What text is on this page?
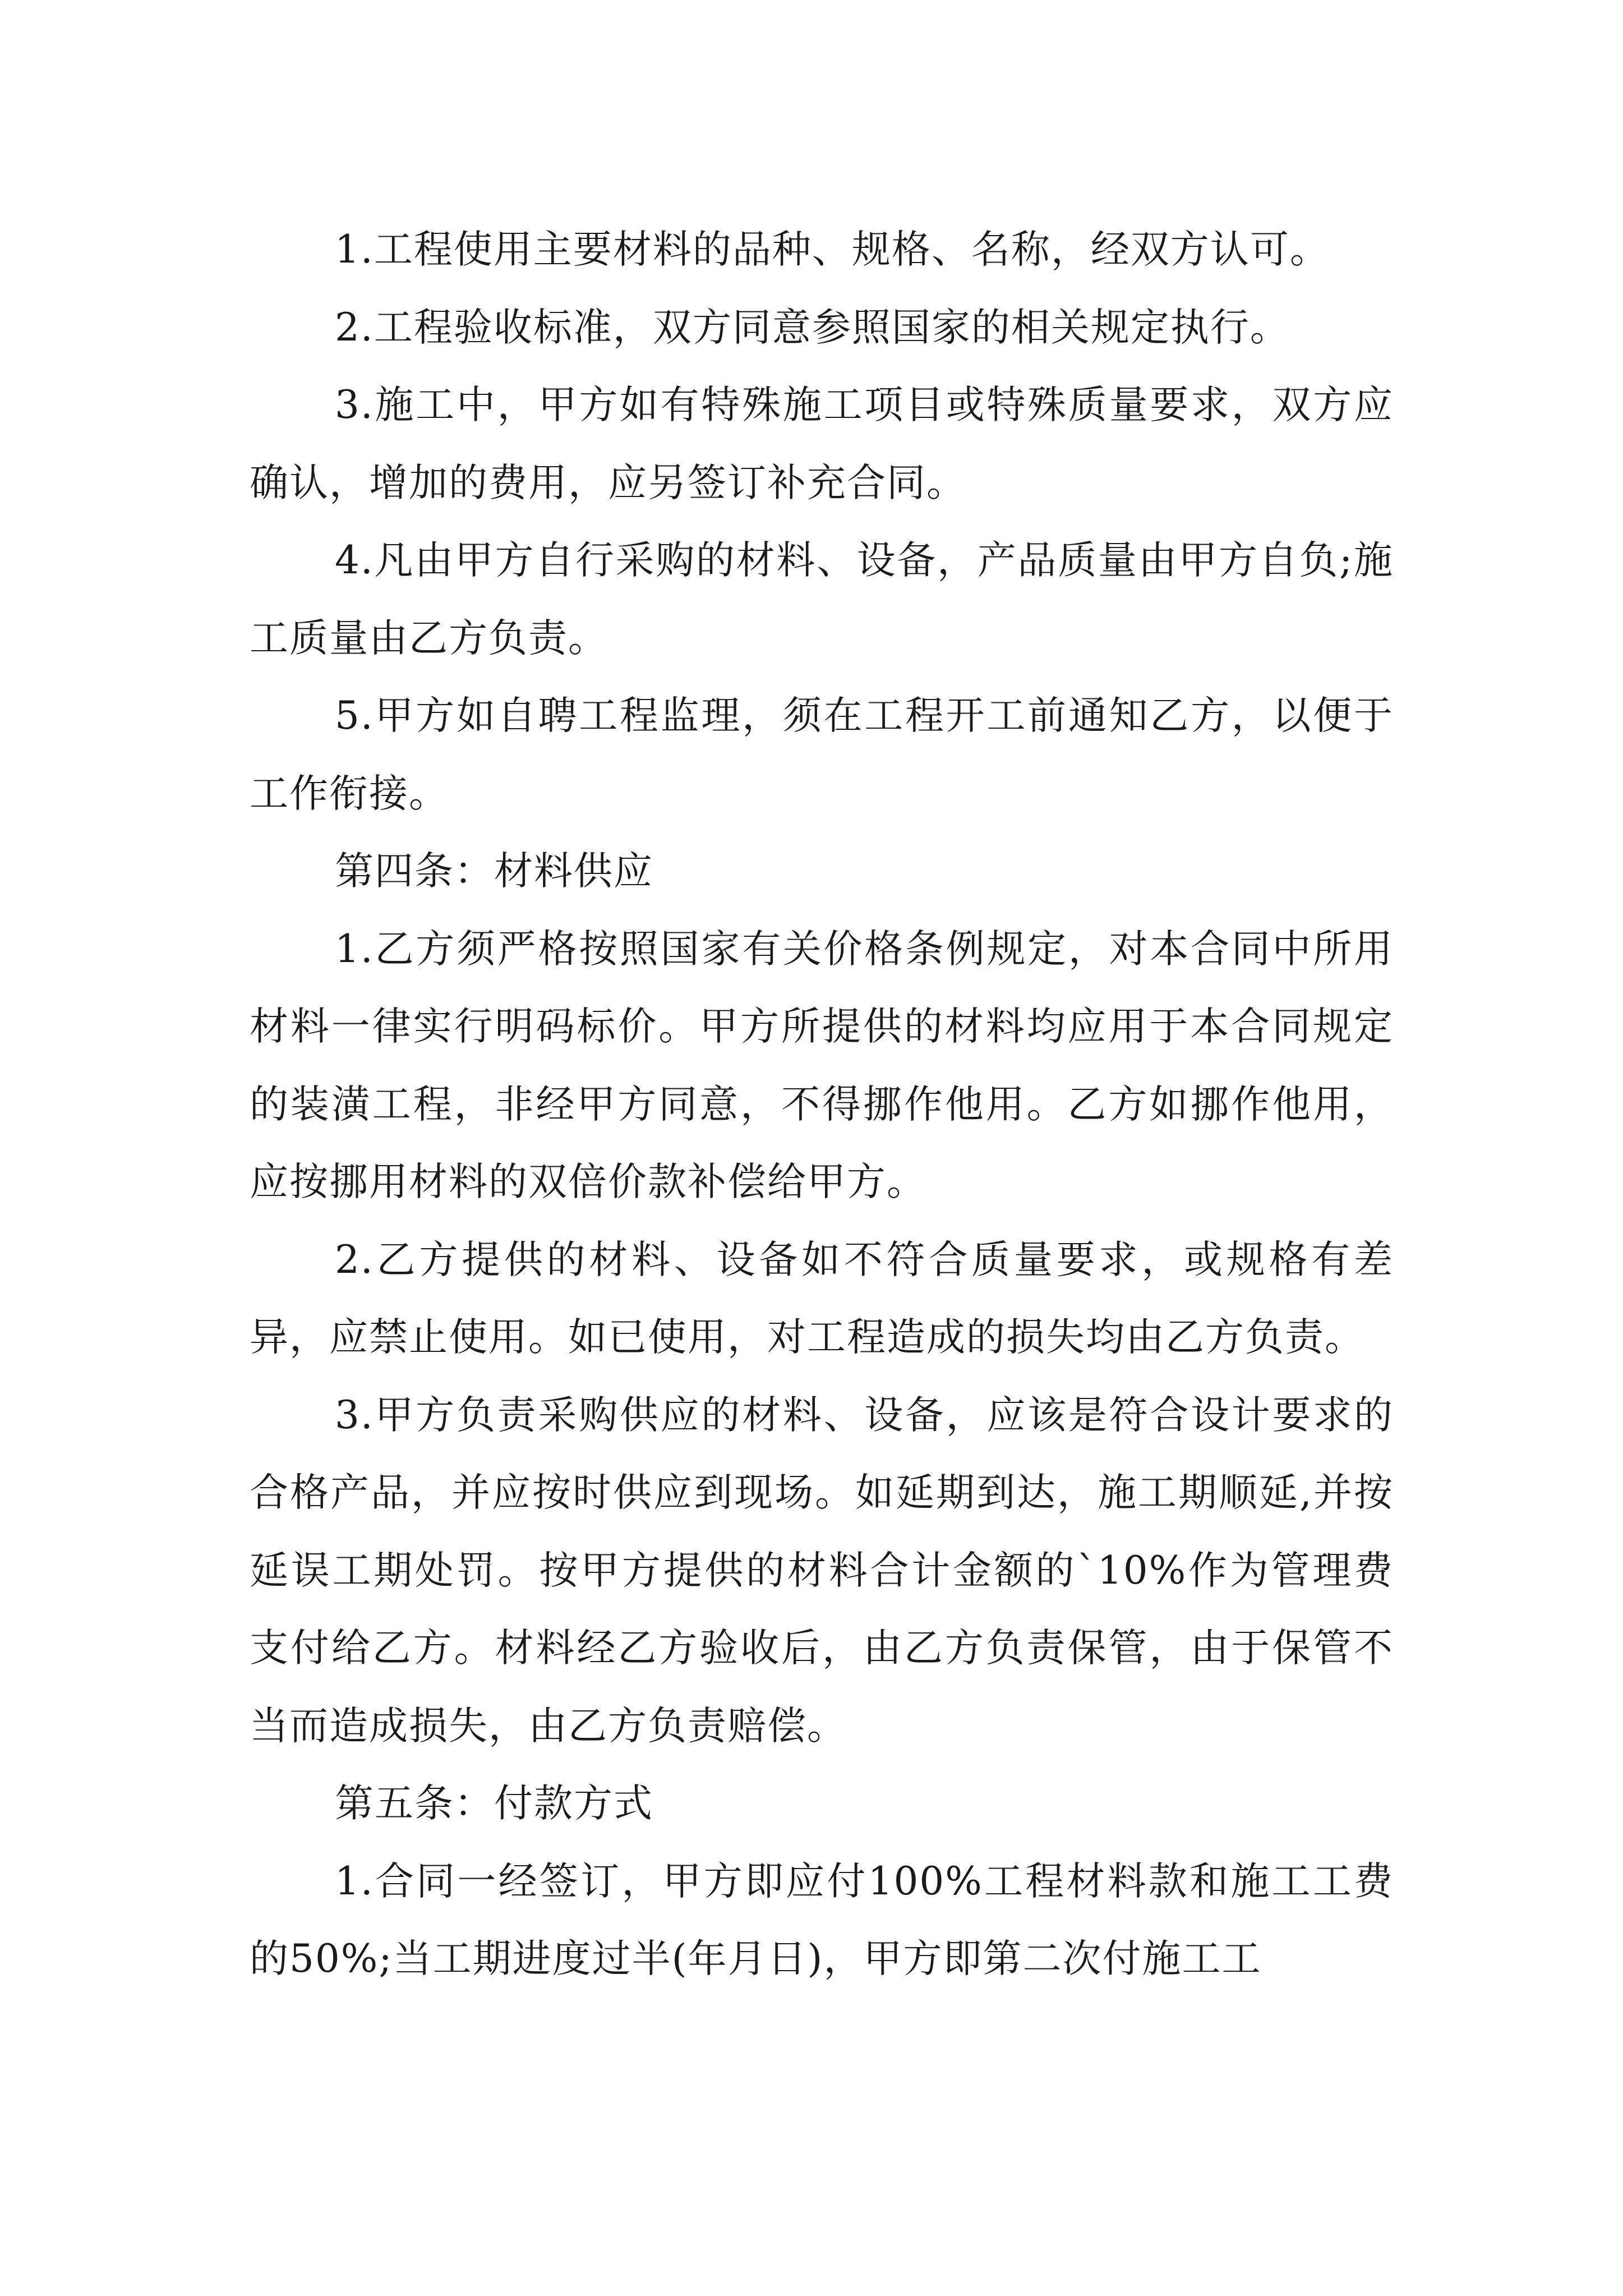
1.工程使用主要材料的品种、规格、名称，经双方认可。

2.工程验收标准，双方同意参照国家的相关规定执行。

3.施工中，甲方如有特殊施工项目或特殊质量要求，双方应确认，增加的费用，应另签订补充合同。

4.凡由甲方自行采购的材料、设备，产品质量由甲方自负;施工质量由乙方负责。

5.甲方如自聘工程监理，须在工程开工前通知乙方，以便于工作衔接。

第四条：材料供应

1.乙方须严格按照国家有关价格条例规定，对本合同中所用材料一律实行明码标价。甲方所提供的材料均应用于本合同规定的装潢工程，非经甲方同意，不得挪作他用。乙方如挪作他用，应按挪用材料的双倍价款补偿给甲方。

2.乙方提供的材料、设备如不符合质量要求，或规格有差异，应禁止使用。如已使用，对工程造成的损失均由乙方负责。

3.甲方负责采购供应的材料、设备，应该是符合设计要求的合格产品，并应按时供应到现场。如延期到达，施工期顺延,并按延误工期处罚。按甲方提供的材料合计金额的`10%作为管理费支付给乙方。材料经乙方验收后，由乙方负责保管，由于保管不当而造成损失，由乙方负责赔偿。

第五条：付款方式

1.合同一经签订，甲方即应付100%工程材料款和施工工费的50%;当工期进度过半(年月日)，甲方即第二次付施工工
